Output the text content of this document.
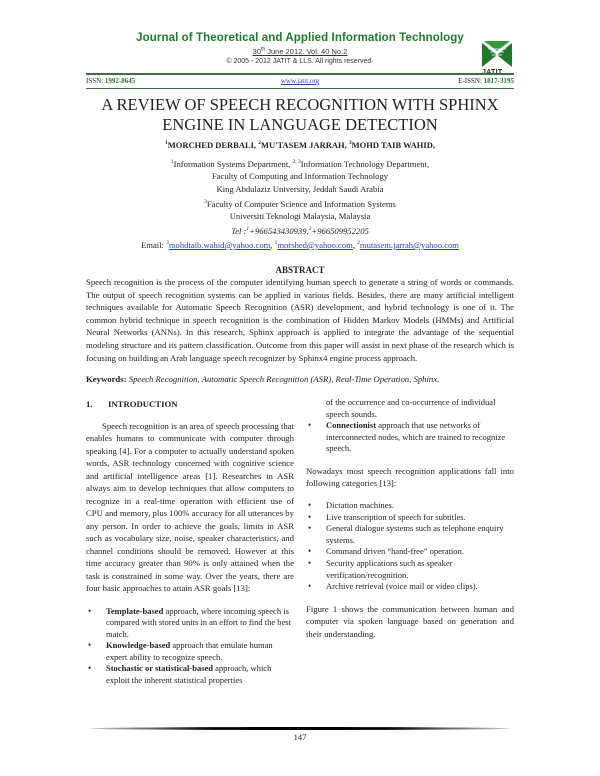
Journal of Theoretical and Applied Information Technology
30th June 2012. Vol. 40 No.2
© 2005 - 2012 JATIT & LLS. All rights reserved·
ISSN: 1992-8645	www.jatit.org	E-ISSN: 1817-3195
A REVIEW OF SPEECH RECOGNITION WITH SPHINX
ENGINE IN LANGUAGE DETECTION
$^1$MORCHED DERBALI, $^2$MU'TASEM JARRAH, $^3$MOHD TAIB WAHID,
$^1$Information Systems Department, $^{2, 3}$Information Technology Department,
Faculty of Computing and Information Technology
King Abdulaziz University, Jeddah Saudi Arabia
$^3$Faculty of Computer Science and Information Systems
Universiti Teknologi Malaysia, Malaysia
Tel :$^1$+966543430939,$^2$+966509952205
Email: $^3$mohdtaib.wahid@yahoo.com, $^1$morshed@yahoo.com, $^2$mutasem.jarrah@yahoo.com
ABSTRACT
Speech recognition is the process of the computer identifying human speech to generate a string of words or commands. The output of speech recognition systems can be applied in various fields. Besides, there are many artificial intelligent techniques available for Automatic Speech Recognition (ASR) development, and hybrid technology is one of it. The common hybrid technique in speech recognition is the combination of Hidden Markov Models (HMMs) and Artificial Neural Networks (ANNs). In this research, Sphinx approach is applied to integrate the advantage of the sequential modeling structure and its pattern classification. Outcome from this paper will assist in next phase of the research which is focusing on building an Arab language speech recognizer by Sphinx4 engine process approach.
Keywords: Speech Recognition, Automatic Speech Recognition (ASR), Real-Time Operation, Sphinx.
1. INTRODUCTION
Speech recognition is an area of speech processing that enables humans to communicate with computer through speaking [4]. For a computer to actually understand spoken words, ASR technology concerned with cognitive science and artificial intelligence areas [1]. Researches in ASR always aim to develop techniques that allow computers to recognize in a real-time operation with efficient use of CPU and memory, plus 100% accuracy for all utterances by any person. In order to achieve the goals, limits in ASR such as vocabulary size, noise, speaker characteristics, and channel conditions should be removed. However at this time accuracy greater than 90% is only attained when the task is constrained in some way. Over the years, there are four basic approaches to attain ASR goals [13]:
• Template-based approach, where incoming speech is compared with stored units in an effort to find the best match.
• Knowledge-based approach that emulate human expert ability to recognize speech.
• Stochastic or statistical-based approach, which exploit the inherent statistical properties
of the occurrence and co-occurrence of individual speech sounds.
• Connectionist approach that use networks of interconnected nodes, which are trained to recognize speech.
Nowadays most speech recognition applications fall into following categories [13]:
• Dictation machines.
• Live transcription of speech for subtitles.
• General dialogue systems such as telephone enquiry systems.
• Command driven “hand-free” operation.
• Security applications such as speaker verification/recognition.
• Archive retrieval (voice mail or video clips).
Figure 1 shows the communication between human and computer via spoken language based on generation and their understanding.
147
